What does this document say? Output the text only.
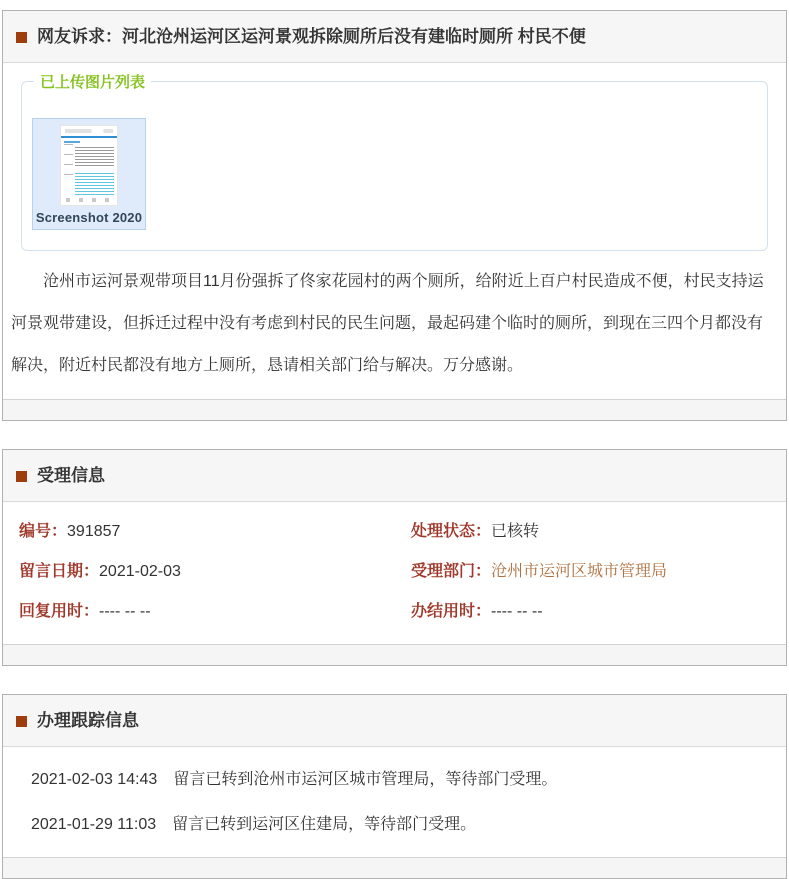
网友诉求：河北沧州运河区运河景观拆除厕所后没有建临时厕所 村民不便
已上传图片列表
Screenshot 2020

沧州市运河景观带项目11月份强拆了佟家花园村的两个厕所，给附近上百户村民造成不便，村民支持运河景观带建设，但拆迁过程中没有考虑到村民的民生问题，最起码建个临时的厕所，到现在三四个月都没有解决，附近村民都没有地方上厕所，恳请相关部门给与解决。万分感谢。

受理信息
编号：391857	处理状态：已核转
留言日期：2021-02-03	受理部门：沧州市运河区城市管理局
回复用时：---- -- --	办结用时：---- -- --
办理跟踪信息
2021-02-03 14:43 留言已转到沧州市运河区城市管理局，等待部门受理。
2021-01-29 11:03 留言已转到运河区住建局，等待部门受理。
